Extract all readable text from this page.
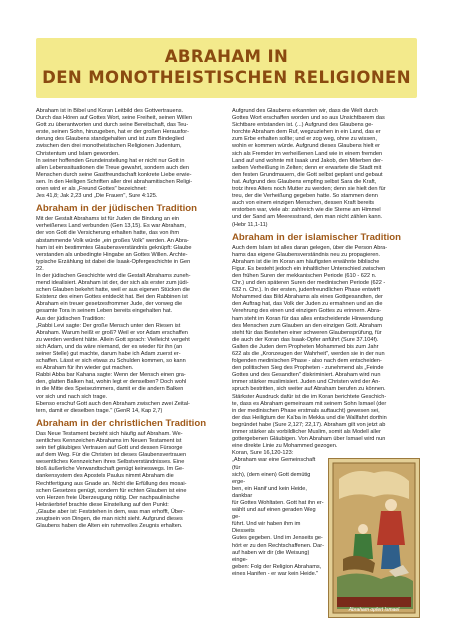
ABRAHAM IN
DEN MONOTHEISTISCHEN RELIGIONEN

Abraham ist in Bibel und Koran Leitbild des Gottvertrauens.
Durch das Hören auf Gottes Wort, seine Freiheit, seinen Willen
Gott zu überantworten und durch seine Bereitschaft, das Teu-
erste, seinen Sohn, hinzugeben, hat er der großen Herausfor-
derung des Glaubens standgehalten und ist zum Bindeglied
zwischen den drei monotheistischen Religionen Judentum,
Christentum und Islam geworden.
In seiner hoffenden Grundeinstellung hat er nicht nur Gott in
allen Lebenssituationen die Treue gewahrt, sondern auch den
Menschen durch seine Gastfreundschaft konkrete Liebe erwie-
sen. In den Heiligen Schriften aller drei abrahamitischen Religi-
onen wird er als „Freund Gottes" bezeichnet:
Jes 41,8; Jak 2,23 und „Die Frauen", Sure 4:125.

Abraham in der jüdischen Tradition

Mit der Gestalt Abrahams ist für Juden die Bindung an ein
verheißenes Land verbunden (Gen 13,15). Es war Abraham,
der von Gott die Versicherung erhalten hatte, das von ihm
abstammende Volk würde „ein großes Volk" werden. An Abra-
ham ist ein bestimmtes Glaubensverständnis geknüpft: Glaube
verstanden als unbedingte Hingabe an Gottes Willen. Archte-
typische Erzählung ist dabei die Isaak-Opfergeschichte in Gen
22.
In der jüdischen Geschichte wird die Gestalt Abrahams zuneh-
mend idealisiert. Abraham ist der, der sich als erster zum jüdi-
schen Glauben bekehrt hatte, weil er aus eigenen Stücken die
Existenz des einen Gottes entdeckt hat. Bei den Rabbinen ist
Abraham ein treuer gesetzesfrommer Jude, der vorweg die
gesamte Tora in seinem Leben bereits eingehalten hat.
Aus der jüdischen Tradition:
„Rabbi Levi sagte: Der große Mensch unter den Riesen ist
Abraham. Warum heißt er groß? Weil er vor Adam erschaffen
zu werden verdient hätte. Allein Gott sprach: Vielleicht vergeht
sich Adam, und da wäre niemand, der es wieder für ihn (an
seiner Stelle) gut machte, darum habe ich Adam zuerst er-
schaffen. Lässt er sich etwas zu Schulden kommen, so kann
es Abraham für ihn wieder gut machen.
Rabbi Abba bar Kahana sagte: Wenn der Mensch einen gra-
den, glatten Balken hat, wohin legt er denselben? Doch wohl
in die Mitte des Speisezimmers, damit er die andern Balken
vor sich und nach sich trage.
Ebenso erschuf Gott auch den Abraham zwischen zwei Zeital-
tern, damit er dieselben trage." (GenR 14, Kap 2,7)

Abraham in der christlichen Tradition

Das Neue Testament bezieht sich häufig auf Abraham. We-
sentliches Kennzeichen Abrahams im Neuen Testament ist
sein tief gläubiges Vertrauen auf Gott und dessen Fürsorge
auf dem Weg. Für die Christen ist dieses Glaubensvertrauen
wesentliches Kennzeichen ihres Selbstverständnisses. Eine
bloß äußerliche Verwandtschaft genügt keineswegs. Im Ge-
dankensystem des Apostels Paulus nimmt Abraham die
Rechtfertigung aus Gnade an. Nicht die Erfüllung des mosai-
schen Gesetzes genügt, sondern für echten Glauben ist eine
von Herzen freie Überzeugung nötig. Der nachpaulinische
Hebräerbrief brachte diese Einstellung auf den Punkt:
„Glaube aber ist: Feststehen in dem, was man erhofft, Über-
zeugtsein von Dingen, die man nicht sieht. Aufgrund dieses
Glaubens haben die Alten ein ruhmvolles Zeugnis erhalten.

Aufgrund des Glaubens erkannten wir, dass die Welt durch
Gottes Wort erschaffen worden und so aus Unsichtbarem das
Sichtbare entstanden ist. (...) Aufgrund des Glaubens ge-
horchte Abraham dem Ruf, wegzuziehen in ein Land, das er
zum Erbe erhalten sollte; und er zog weg, ohne zu wissen,
wohin er kommen würde. Aufgrund dieses Glaubens hielt er
sich als Fremder im verheißenen Land wie in einem fremden
Land auf und wohnte mit Isaak und Jakob, den Miterben der-
selben Verheißung in Zelten; denn er erwartete die Stadt mit
den festen Grundmauern, die Gott selbst geplant und gebaut
hat. Aufgrund des Glaubens empfing selbst Sara die Kraft,
trotz ihres Alters noch Mutter zu werden; denn sie hielt den für
treu, der die Verheißung gegeben hatte. So stammen denn
auch von einem einzigen Menschen, dessen Kraft bereits
erstorben war, viele ab: zahlreich wie die Sterne am Himmel
und der Sand am Meeresstrand, den man nicht zählen kann.
(Hebr 11,1-11)

Abraham in der islamischer Tradition

Auch dem Islam ist alles daran gelegen, über die Person Abra-
hams das eigene Glaubensverständnis neu zu propagieren.
Abraham ist die im Koran am häufigsten erwähnte biblische
Figur. Es besteht jedoch ein inhaltlicher Unterschied zwischen
den frühen Suren der mekkanischen Periode (610 - 622 n.
Chr.) und den späteren Suren der medinischen Periode (622 -
632 n. Chr.). In der ersten, judenfreundlichen Phase entwirft
Mohammed das Bild Abrahams als eines Gottgesandten, der
den Auftrag hat, das Volk der Juden zu ermahnen und an die
Verehrung des einen und einzigen Gottes zu erinnern. Abra-
ham steht im Koran für das alles entscheidende Hinwendung
des Menschen zum Glauben an den einzigen Gott. Abraham
steht für das Bestehen einer schweren Glaubensprüfung, für
die auch der Koran das Isaak-Opfer anführt (Sure 37.104f).
Galten die Juden dem Propheten Mohammed bis zum Jahr
622 als die „Kronzeugen der Wahrheit", werden sie in der nun
folgenden medinischen Phase - also nach dem entscheiden-
den politischen Sieg des Propheten - zunehmend als „Feinde
Gottes und des Gesandten" diskriminiert. Abraham wird nun
immer stärker muslimisiert. Juden und Christen wird der An-
spruch bestritten, sich weiter auf Abraham berufen zu können.
Stärkster Ausdruck dafür ist die im Koran berichtete Geschich-
te, dass es Abraham gemeinsam mit seinem Sohn Ismael (der
in der medinischen Phase erstmals auftaucht) gewesen sei,
der das Heiligtum der Ka'ba in Mekka und die Wallfahrt dorthin
begründet habe (Sure 2,127; 22,17). Abraham gilt von jetzt ab
immer stärker als vorbildlicher Muslim, somit als Modell aller
gottergebenen Gläubigen. Von Abraham über Ismael wird nun
eine direkte Linie zu Mohammed gezogen.
Koran, Sure 16,120-123:

„Abraham war eine Gemeinschaft (für
sich), (dem einen) Gott demütig erge-
ben, ein Hanif und kein Heide, dankbar
für Gottes Wohltaten. Gott hat ihn er-
wählt und auf einen geraden Weg ge-
führt. Und wir haben ihm im Diesseits
Gutes gegeben. Und im Jenseits ge-
hört er zu den Rechtschaffenen. Dar-
auf haben wir dir (die Weisung) einge-
geben: Folg der Religion Abrahams,
eines Hanifen - er war kein Heide."

Abraham opfert Ismael
